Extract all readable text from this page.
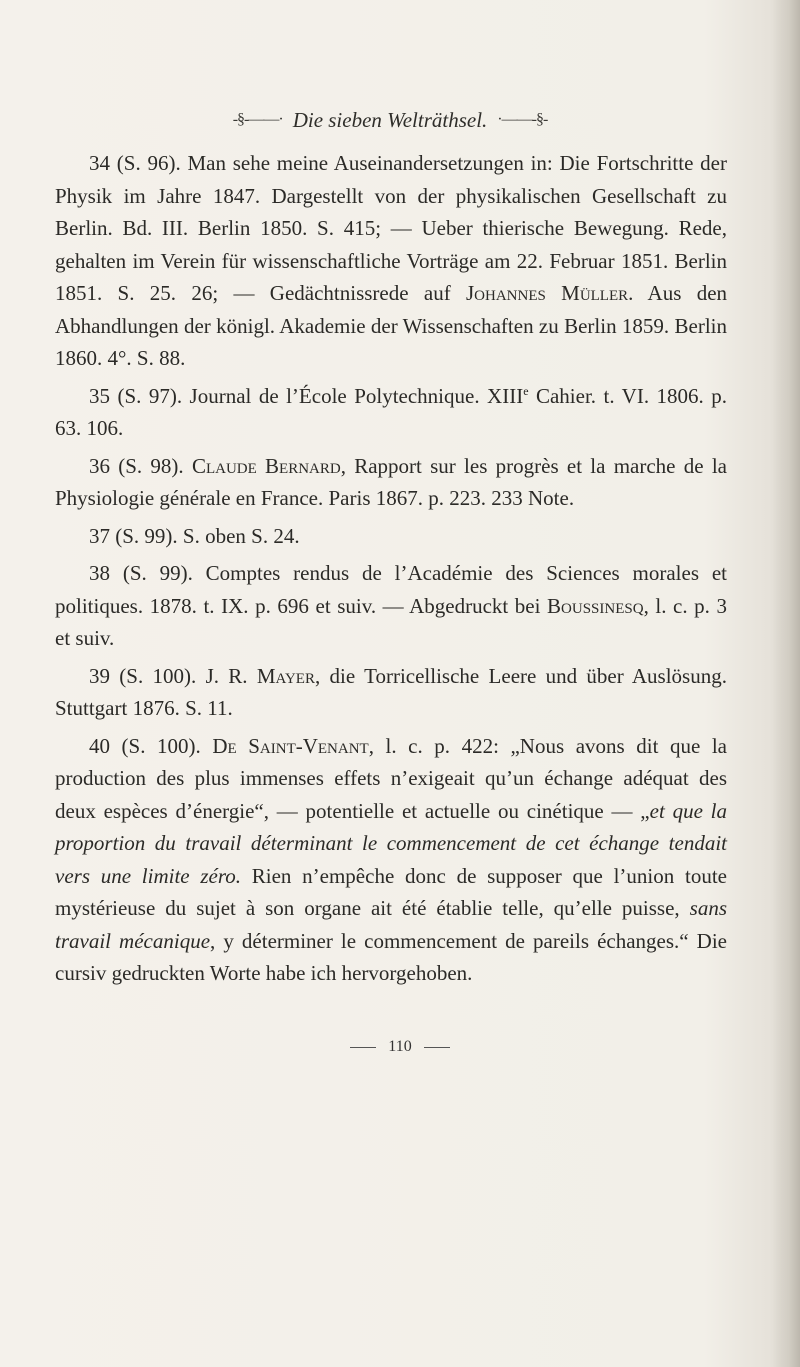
-§-——· Die sieben Welträthsel. ·——-§-

34 (S. 96). Man sehe meine Auseinandersetzungen in: Die Fortschritte der Physik im Jahre 1847. Dargestellt von der physikalischen Gesellschaft zu Berlin. Bd. III. Berlin 1850. S. 415; — Ueber thierische Bewegung. Rede, gehalten im Verein für wissenschaftliche Vorträge am 22. Februar 1851. Berlin 1851. S. 25. 26; — Gedächtnissrede auf Johannes Müller. Aus den Abhandlungen der königl. Akademie der Wissenschaften zu Berlin 1859. Berlin 1860. 4°. S. 88.

35 (S. 97). Journal de l’École Polytechnique. XIIIe Cahier. t. VI. 1806. p. 63. 106.

36 (S. 98). Claude Bernard, Rapport sur les progrès et la marche de la Physiologie générale en France. Paris 1867. p. 223. 233 Note.

37 (S. 99). S. oben S. 24.

38 (S. 99). Comptes rendus de l’Académie des Sciences morales et politiques. 1878. t. IX. p. 696 et suiv. — Abgedruckt bei Boussinesq, l. c. p. 3 et suiv.

39 (S. 100). J. R. Mayer, die Torricellische Leere und über Auslösung. Stuttgart 1876. S. 11.

40 (S. 100). De Saint-Venant, l. c. p. 422: „Nous avons dit que la production des plus immenses effets n’exigeait qu’un échange adéquat des deux espèces d’énergie“, — potentielle et actuelle ou cinétique — „et que la proportion du travail déterminant le commencement de cet échange tendait vers une limite zéro. Rien n’empêche donc de supposer que l’union toute mystérieuse du sujet à son organe ait été établie telle, qu’elle puisse, sans travail mécanique, y déterminer le commencement de pareils échanges.“ Die cursiv gedruckten Worte habe ich hervorgehoben.

110
